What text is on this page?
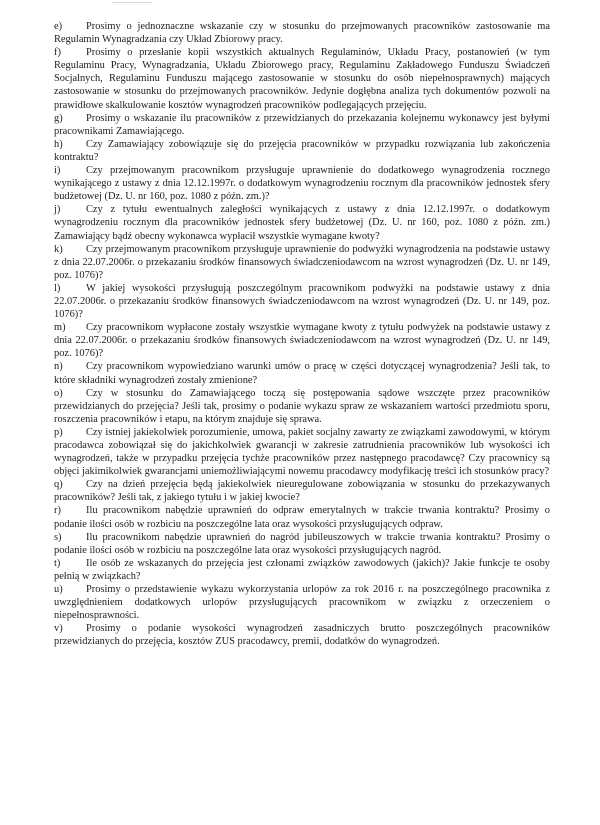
e) Prosimy o jednoznaczne wskazanie czy w stosunku do przejmowanych pracowników zastosowanie ma Regulamin Wynagradzania czy Układ Zbiorowy pracy.

f) Prosimy o przesłanie kopii wszystkich aktualnych Regulaminów, Układu Pracy, postanowień (w tym Regulaminu Pracy, Wynagradzania, Układu Zbiorowego pracy, Regulaminu Zakładowego Funduszu Świadczeń Socjalnych, Regulaminu Funduszu mającego zastosowanie w stosunku do osób niepełnosprawnych) mających zastosowanie w stosunku do przejmowanych pracowników. Jedynie dogłębna analiza tych dokumentów pozwoli na prawidłowe skalkulowanie kosztów wynagrodzeń pracowników podlegających przejęciu.

g) Prosimy o wskazanie ilu pracowników z przewidzianych do przekazania kolejnemu wykonawcy jest byłymi pracownikami Zamawiającego.

h) Czy Zamawiający zobowiązuje się do przejęcia pracowników w przypadku rozwiązania lub zakończenia kontraktu?

i) Czy przejmowanym pracownikom przysługuje uprawnienie do dodatkowego wynagrodzenia rocznego wynikającego z ustawy z dnia 12.12.1997r. o dodatkowym wynagrodzeniu rocznym dla pracowników jednostek sfery budżetowej (Dz. U. nr 160, poz. 1080 z późn. zm.)?

j) Czy z tytułu ewentualnych zaległości wynikających z ustawy z dnia 12.12.1997r. o dodatkowym wynagrodzeniu rocznym dla pracowników jednostek sfery budżetowej (Dz. U. nr 160, poz. 1080 z późn. zm.) Zamawiający bądź obecny wykonawca wypłacił wszystkie wymagane kwoty?

k) Czy przejmowanym pracownikom przysługuje uprawnienie do podwyżki wynagrodzenia na podstawie ustawy z dnia 22.07.2006r. o przekazaniu środków finansowych świadczeniodawcom na wzrost wynagrodzeń (Dz. U. nr 149, poz. 1076)?

l) W jakiej wysokości przysługują poszczególnym pracownikom podwyżki na podstawie ustawy z dnia 22.07.2006r. o przekazaniu środków finansowych świadczeniodawcom na wzrost wynagrodzeń (Dz. U. nr 149, poz. 1076)?

m) Czy pracownikom wypłacone zostały wszystkie wymagane kwoty z tytułu podwyżek na podstawie ustawy z dnia 22.07.2006r. o przekazaniu środków finansowych świadczeniodawcom na wzrost wynagrodzeń (Dz. U. nr 149, poz. 1076)?

n) Czy pracownikom wypowiedziano warunki umów o pracę w części dotyczącej wynagrodzenia? Jeśli tak, to które składniki wynagrodzeń zostały zmienione?

o) Czy w stosunku do Zamawiającego toczą się postępowania sądowe wszczęte przez pracowników przewidzianych do przejęcia? Jeśli tak, prosimy o podanie wykazu spraw ze wskazaniem wartości przedmiotu sporu, roszczenia pracowników i etapu, na którym znajduje się sprawa.

p) Czy istniej jakiekolwiek porozumienie, umowa, pakiet socjalny zawarty ze związkami zawodowymi, w którym pracodawca zobowiązał się do jakichkolwiek gwarancji w zakresie zatrudnienia pracowników lub wysokości ich wynagrodzeń, także w przypadku przejęcia tychże pracowników przez następnego pracodawcę? Czy pracownicy są objęci jakimikolwiek gwarancjami uniemożliwiającymi nowemu pracodawcy modyfikację treści ich stosunków pracy?

q) Czy na dzień przejęcia będą jakiekolwiek nieuregulowane zobowiązania w stosunku do przekazywanych pracowników? Jeśli tak, z jakiego tytułu i w jakiej kwocie?

r) Ilu pracownikom nabędzie uprawnień do odpraw emerytalnych w trakcie trwania kontraktu? Prosimy o podanie ilości osób w rozbiciu na poszczególne lata oraz wysokości przysługujących odpraw.

s) Ilu pracownikom nabędzie uprawnień do nagród jubileuszowych w trakcie trwania kontraktu? Prosimy o podanie ilości osób w rozbiciu na poszczególne lata oraz wysokości przysługujących nagród.

t) Ile osób ze wskazanych do przejęcia jest członami związków zawodowych (jakich)? Jakie funkcje te osoby pełnią w związkach?

u) Prosimy o przedstawienie wykazu wykorzystania urlopów za rok 2016 r. na poszczególnego pracownika z uwzględnieniem dodatkowych urlopów przysługujących pracownikom w związku z orzeczeniem o niepełnosprawności.

v) Prosimy o podanie wysokości wynagrodzeń zasadniczych brutto poszczególnych pracowników przewidzianych do przejęcia, kosztów ZUS pracodawcy, premii, dodatków do wynagrodzeń.
